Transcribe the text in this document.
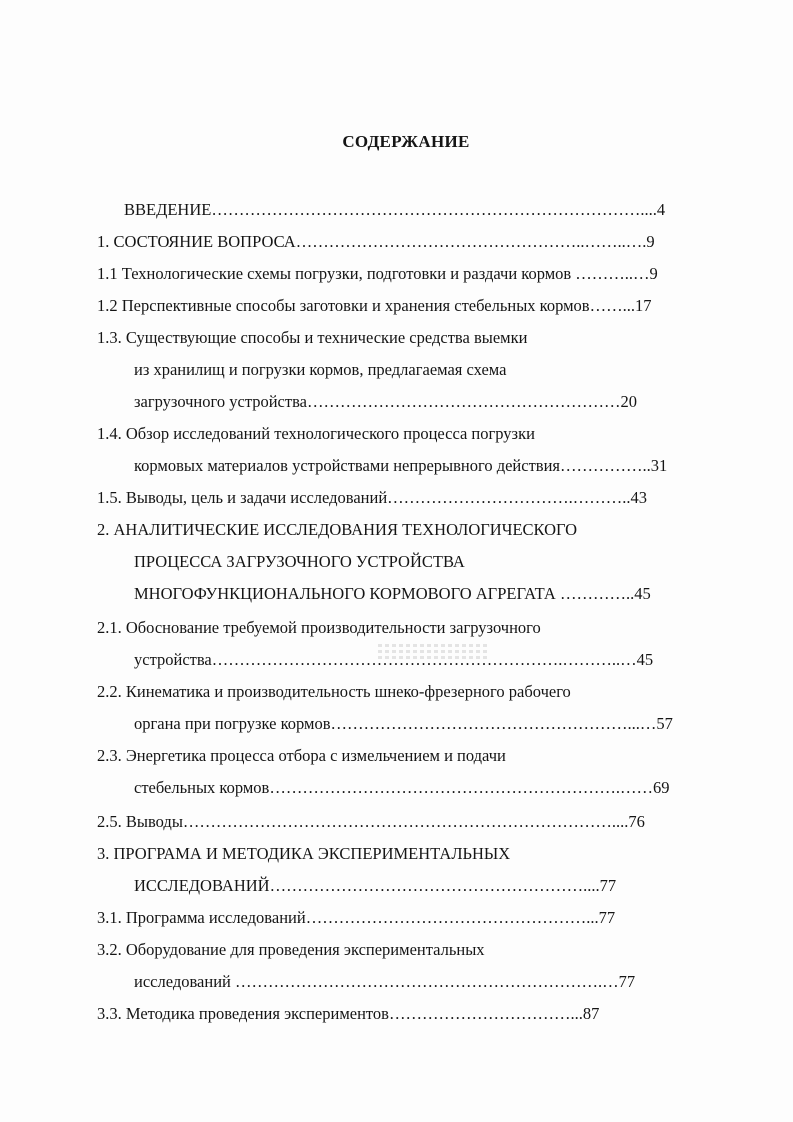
СОДЕРЖАНИЕ
ВВЕДЕНИЕ……………………………………………………………………....4
1. СОСТОЯНИЕ ВОПРОСА……………………………………………..……..….9
1.1 Технологические схемы погрузки, подготовки и раздачи кормов ………..…9
1.2 Перспективные способы заготовки и хранения стебельных кормов……...17
1.3. Существующие способы и технические средства выемки
из хранилищ и погрузки кормов, предлагаемая схема
загрузочного устройства…………………………………………………20
1.4. Обзор исследований технологического процесса погрузки
кормовых материалов устройствами непрерывного действия……………..31
1.5. Выводы, цель и задачи исследований…………………………….………..43
2. АНАЛИТИЧЕСКИЕ ИССЛЕДОВАНИЯ ТЕХНОЛОГИЧЕСКОГО
ПРОЦЕССА ЗАГРУЗОЧНОГО УСТРОЙСТВА
МНОГОФУНКЦИОНАЛЬНОГО КОРМОВОГО АГРЕГАТА …………..45
2.1. Обоснование требуемой производительности загрузочного
устройства……………………………………………………….………..…45
2.2. Кинематика и производительность шнеко-фрезерного рабочего
органа при погрузке кормов………………………………………………...…57
2.3. Энергетика процесса отбора с измельчением и подачи
стебельных кормов……………………………………………………….……69
2.5. Выводы……………………………………………………………………....76
3. ПРОГРАМА И МЕТОДИКА ЭКСПЕРИМЕНТАЛЬНЫХ
ИССЛЕДОВАНИЙ…………………………………………………....77
3.1. Программа исследований……………………………………………...77
3.2. Оборудование для проведения экспериментальных
исследований ………………………………………………………….…77
3.3. Методика проведения экспериментов……………………………...87
